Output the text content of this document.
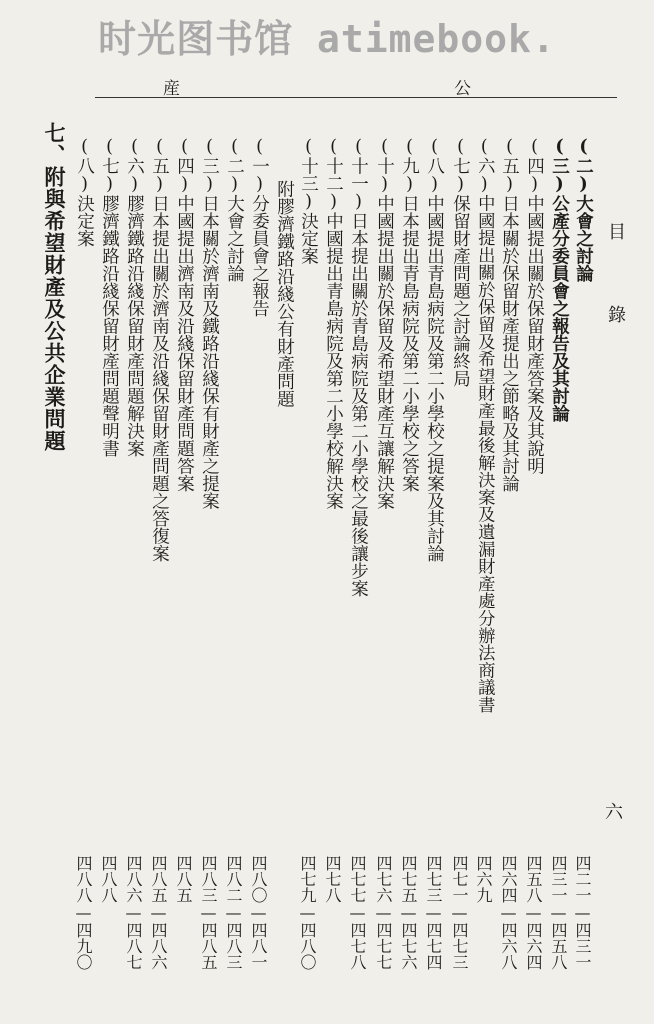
时光图书馆 atimebook.
公
産
目
錄
六
(二)大會之討論
四二一—四三一
(三)公產分委員會之報告及其討論
四三一—四五八
(四)中國提出關於保留財產答案及其說明
四五八—四六四
(五)日本關於保留財產提出之節略及其討論
四六四—四六八
(六)中國提出關於保留及希望財產最後解決案及遺漏財產處分辦法商議書
四六九
(七)保留財產問題之討論終局
四七一—四七三
(八)中國提出青島病院及第二小學校之提案及其討論
四七三—四七四
(九)日本提出青島病院及第二小學校之答案
四七五—四七六
(十)中國提出關於保留及希望財產互讓解決案
四七六—四七七
(十一)日本提出關於青島病院及第二小學校之最後讓步案
四七七—四七八
(十二)中國提出青島病院及第二小學校解決案
四七八
(十三)決定案
四七九—四八〇
附膠濟鐵路沿綫公有財產問題
(一)分委員會之報告
四八〇—四八一
(二)大會之討論
四八二—四八三
(三)日本關於濟南及鐵路沿綫保有財產之提案
四八三—四八五
(四)中國提出濟南及沿綫保留財產問題答案
四八五
(五)日本提出關於濟南及沿綫保留財產問題之答復案
四八五—四八六
(六)膠濟鐵路沿綫保留財產問題解決案
四八六—四八七
(七)膠濟鐵路沿綫保留財產問題聲明書
四八八
(八)決定案
四八八—四九〇
七、附與希望財產及公共企業問題
